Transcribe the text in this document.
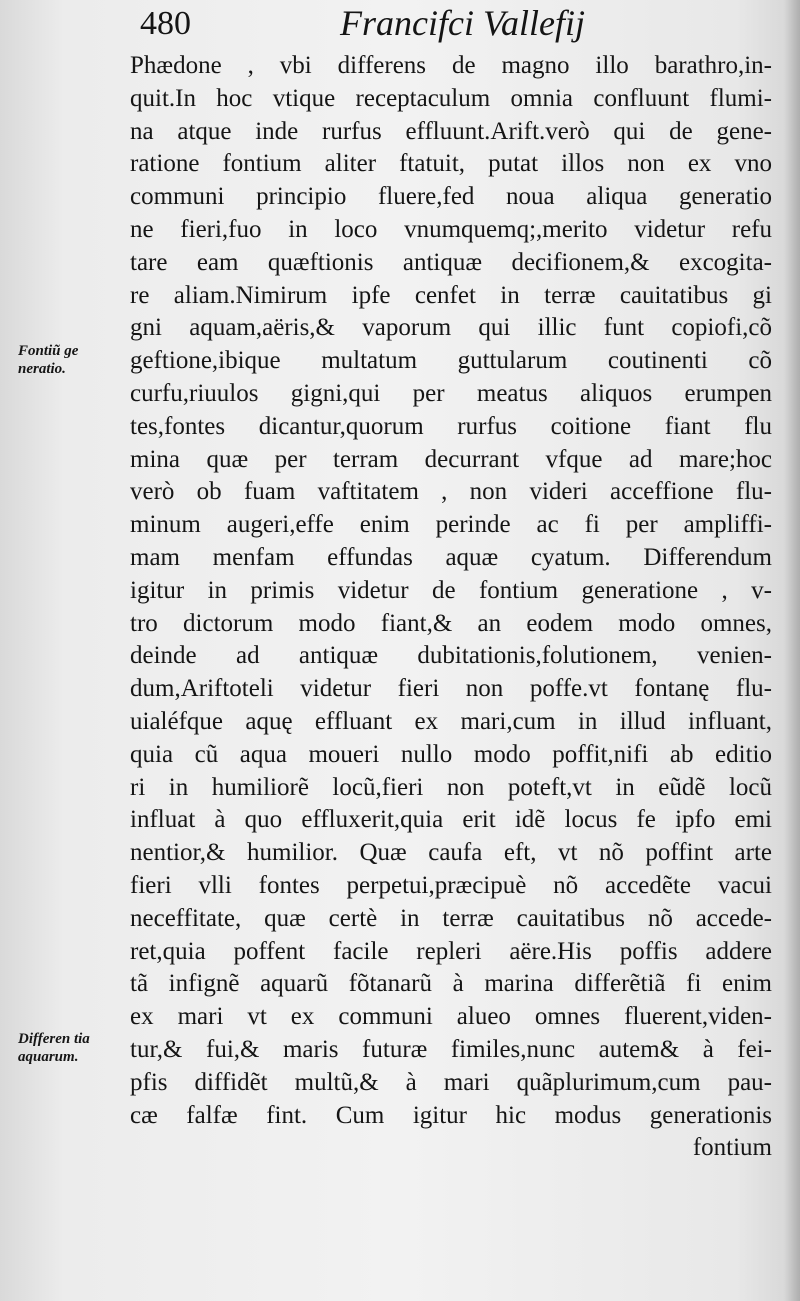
480	Francifci Vallefij
Fontiũ ge neratio.
Differen tia aquarum.
Phædone , vbi differens de magno illo barathro,in-
quit.In hoc vtique receptaculum omnia confluunt flumi-
na atque inde rurfus effluunt.Arift.verò qui de gene-
ratione fontium aliter ftatuit, putat illos non ex vno
communi principio fluere,fed noua aliqua generatio
ne fieri,fuo in loco vnumquemq;,merito videtur refu
tare eam quæftionis antiquæ decifionem,& excogita-
re aliam.Nimirum ipfe cenfet in terræ cauitatibus gi
gni aquam,aëris,& vaporum qui illic funt copiofi,cõ
geftione,ibique multatum guttularum coutinenti cõ
curfu,riuulos gigni,qui per meatus aliquos erumpen
tes,fontes dicantur,quorum rurfus coitione fiant flu
mina quæ per terram decurrant vfque ad mare;hoc
verò ob fuam vaftitatem , non videri acceffione flu-
minum augeri,effe enim perinde ac fi per ampliffi-
mam menfam effundas aquæ cyatum. Differendum
igitur in primis videtur de fontium generatione , v-
tro dictorum modo fiant,& an eodem modo omnes,
deinde ad antiquæ dubitationis,folutionem, venien-
dum,Ariftoteli videtur fieri non poffe.vt fontanę flu-
uialéfque aquę effluant ex mari,cum in illud influant,
quia cũ aqua moueri nullo modo poffit,nifi ab editio
ri in humiliorẽ locũ,fieri non poteft,vt in eũdẽ locũ
influat à quo effluxerit,quia erit idẽ locus fe ipfo emi
nentior,& humilior. Quæ caufa eft, vt nõ poffint arte
fieri vlli fontes perpetui,præcipuè nõ accedẽte vacui
neceffitate, quæ certè in terræ cauitatibus nõ accede-
ret,quia poffent facile repleri aëre.His poffis addere
tã infignẽ aquarũ fõtanarũ à marina differẽtiã fi enim
ex mari vt ex communi alueo omnes fluerent,viden-
tur,& fui,& maris futuræ fimiles,nunc autem& à fei-
pfis diffidẽt multũ,& à mari quãplurimum,cum pau-
cæ falfæ fint. Cum igitur hic modus generationis
fontium
